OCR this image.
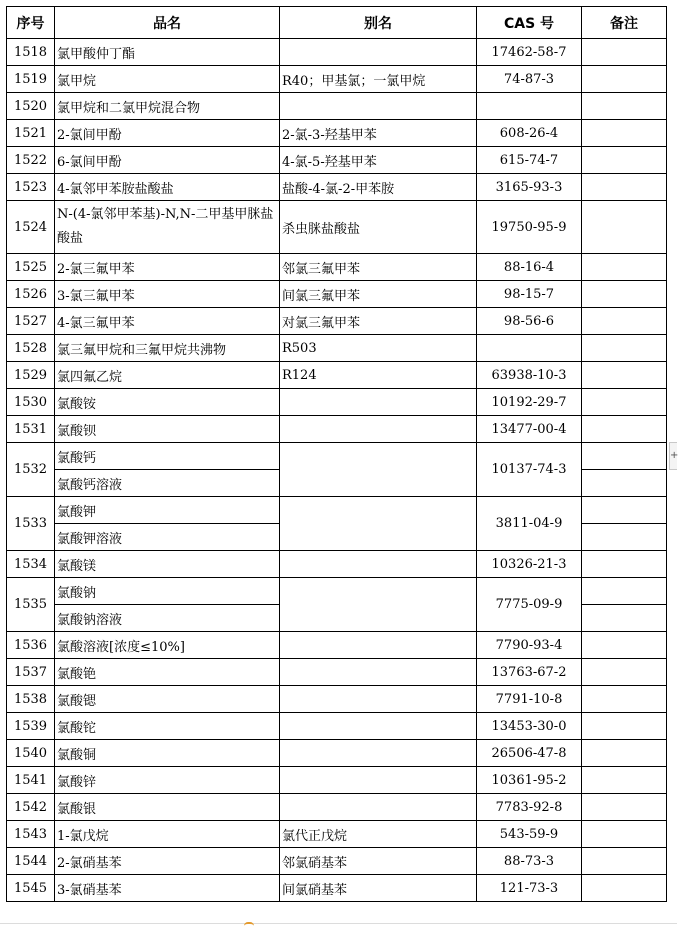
序号	品名	别名	CAS 号	备注
1518	氯甲酸仲丁酯		17462-58-7	
1519	氯甲烷	R40；甲基氯；一氯甲烷	74-87-3	
1520	氯甲烷和二氯甲烷混合物			
1521	2-氯间甲酚	2-氯-3-羟基甲苯	608-26-4	
1522	6-氯间甲酚	4-氯-5-羟基甲苯	615-74-7	
1523	4-氯邻甲苯胺盐酸盐	盐酸-4-氯-2-甲苯胺	3165-93-3	
1524	N-(4-氯邻甲苯基)-N,N-二甲基甲脒盐酸盐	杀虫脒盐酸盐	19750-95-9	
1525	2-氯三氟甲苯	邻氯三氟甲苯	88-16-4	
1526	3-氯三氟甲苯	间氯三氟甲苯	98-15-7	
1527	4-氯三氟甲苯	对氯三氟甲苯	98-56-6	
1528	氯三氟甲烷和三氟甲烷共沸物	R503		
1529	氯四氟乙烷	R124	63938-10-3	
1530	氯酸铵		10192-29-7	
1531	氯酸钡		13477-00-4	
1532	氯酸钙		10137-74-3	
	氯酸钙溶液			
1533	氯酸钾		3811-04-9	
	氯酸钾溶液			
1534	氯酸镁		10326-21-3	
1535	氯酸钠		7775-09-9	
	氯酸钠溶液			
1536	氯酸溶液[浓度≤10%]		7790-93-4	
1537	氯酸铯		13763-67-2	
1538	氯酸锶		7791-10-8	
1539	氯酸铊		13453-30-0	
1540	氯酸铜		26506-47-8	
1541	氯酸锌		10361-95-2	
1542	氯酸银		7783-92-8	
1543	1-氯戊烷	氯代正戊烷	543-59-9	
1544	2-氯硝基苯	邻氯硝基苯	88-73-3	
1545	3-氯硝基苯	间氯硝基苯	121-73-3	
+
